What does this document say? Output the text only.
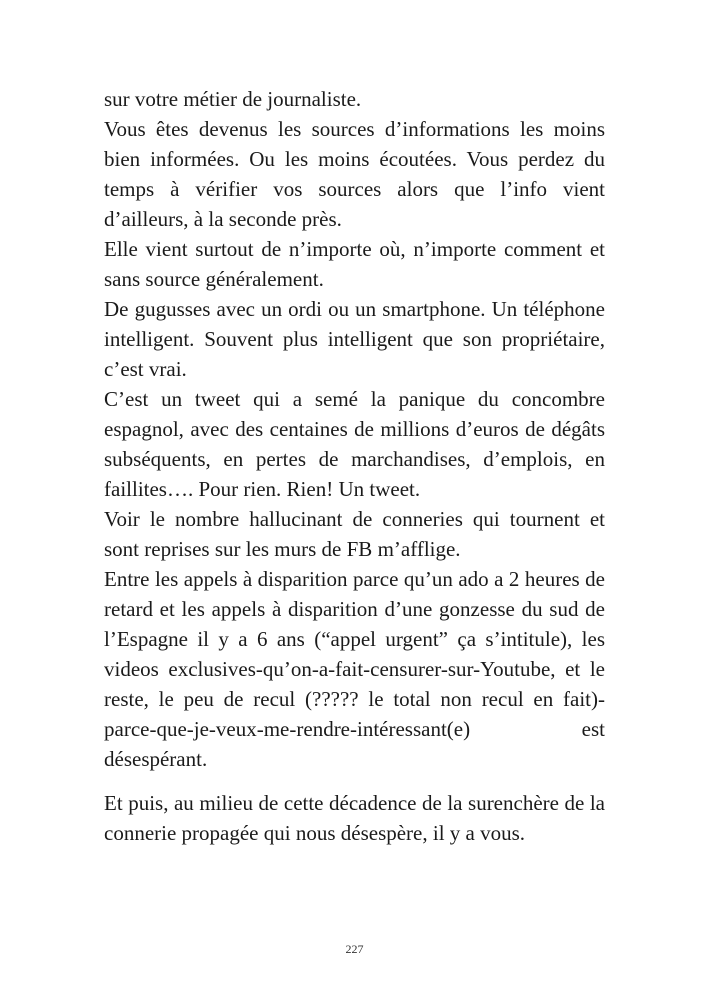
sur votre métier de journaliste.

Vous êtes devenus les sources d’informations les moins bien informées. Ou les moins écoutées. Vous perdez du temps à vérifier vos sources alors que l’info vient d’ailleurs, à la seconde près.

Elle vient surtout de n’importe où, n’importe comment et sans source généralement.

De gugusses avec un ordi ou un smartphone. Un téléphone intelligent. Souvent plus intelligent que son propriétaire, c’est vrai.

C’est un tweet qui a semé la panique du concombre espagnol, avec des centaines de millions d’euros de dégâts subséquents, en pertes de marchandises, d’emplois, en faillites…. Pour rien. Rien! Un tweet.

Voir le nombre hallucinant de conneries qui tournent et sont reprises sur les murs de FB m’afflige.

Entre les appels à disparition parce qu’un ado a 2 heures de retard et les appels à disparition d’une gonzesse du sud de l’Espagne il y a 6 ans (“appel urgent” ça s’intitule), les videos exclusives-qu’on-a-fait-censurer-sur-Youtube, et le reste, le peu de recul (????? le total non recul en fait)-parce-que-je-veux-me-rendre-intéressant(e) est désespérant.

Et puis, au milieu de cette décadence de la surenchère de la connerie propagée qui nous désespère, il y a vous.

227
